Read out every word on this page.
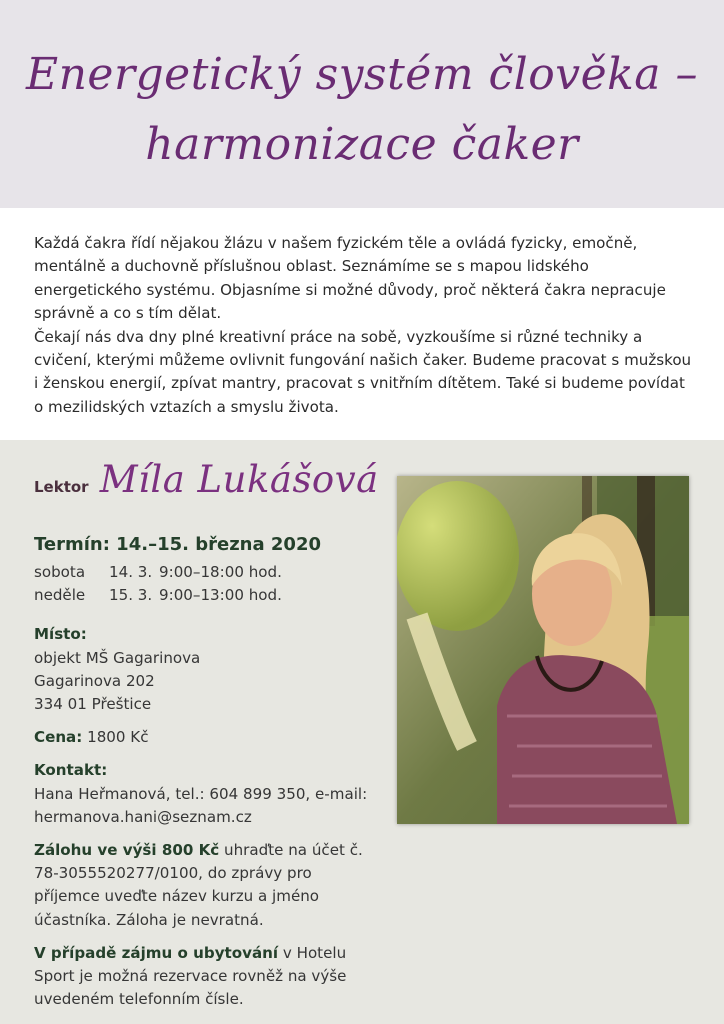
Energetický systém člověka –
harmonizace čaker

Každá čakra řídí nějakou žlázu v našem fyzickém těle a ovládá fyzicky, emočně, mentálně a duchovně příslušnou oblast. Seznámíme se s mapou lidského energetického systému. Objasníme si možné důvody, proč některá čakra nepracuje správně a co s tím dělat.

Čekají nás dva dny plné kreativní práce na sobě, vyzkoušíme si různé techniky a cvičení, kterými můžeme ovlivnit fungování našich čaker. Budeme pracovat s mužskou i ženskou energií, zpívat mantry, pracovat s vnitřním dítětem. Také si budeme povídat o mezilidských vztazích a smyslu života.

Lektor Míla Lukášová
Termín: 14.–15. března 2020
sobota 14. 3. 9:00–18:00 hod.
neděle 15. 3. 9:00–13:00 hod.
Místo:
objekt MŠ Gagarinova
Gagarinova 202
334 01 Přeštice
Cena: 1800 Kč
Kontakt:
Hana Heřmanová, tel.: 604 899 350, e-mail:
hermanova.hani@seznam.cz
Zálohu ve výši 800 Kč uhraďte na účet č. 78-3055520277/0100, do zprávy pro příjemce uveďte název kurzu a jméno účastníka. Záloha je nevratná.
V případě zájmu o ubytování v Hotelu Sport je možná rezervace rovněž na výše uvedeném telefonním čísle.
